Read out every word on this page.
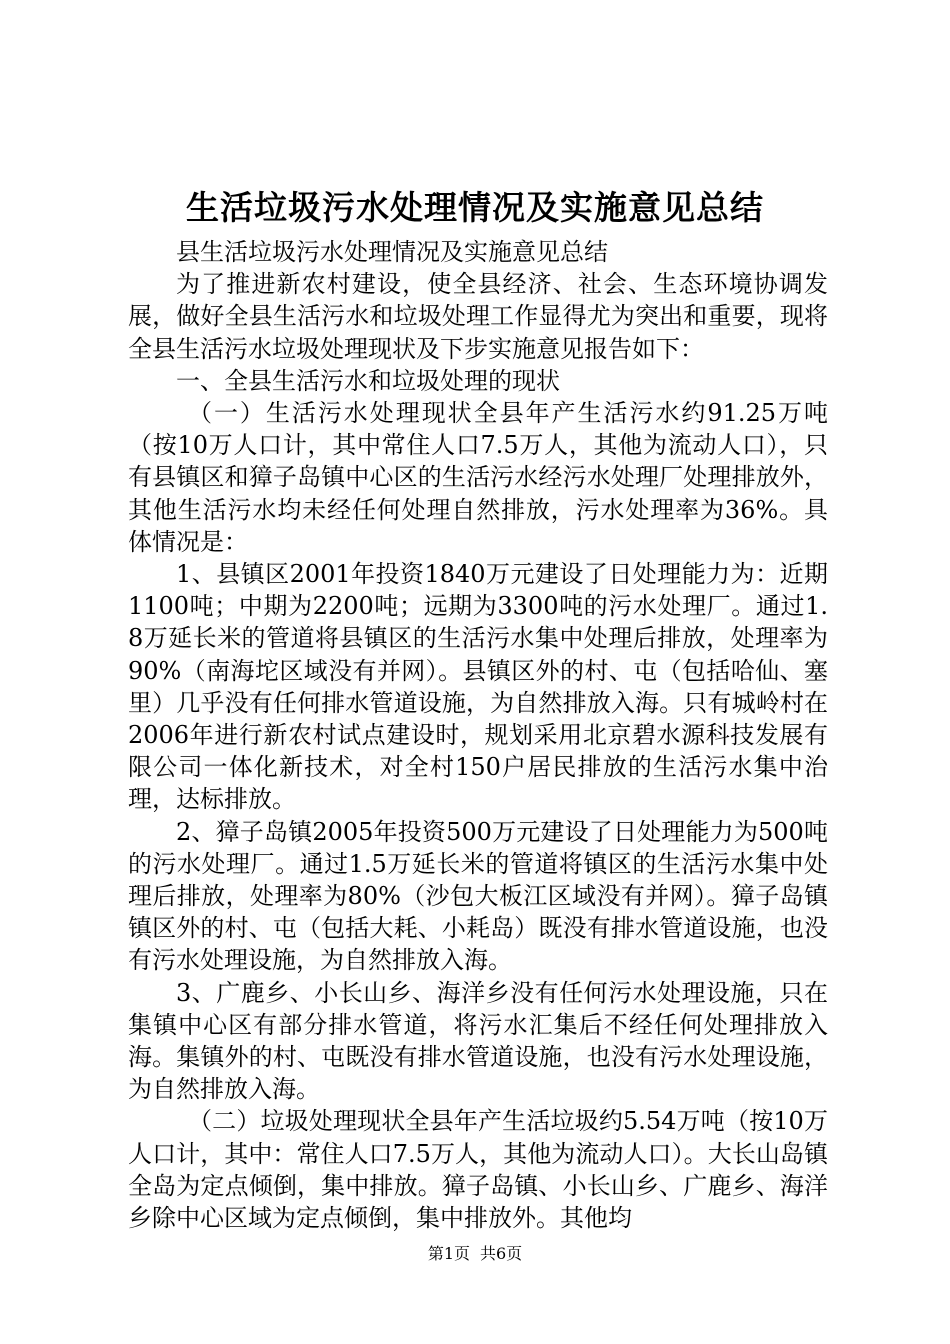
生活垃圾污水处理情况及实施意见总结

县生活垃圾污水处理情况及实施意见总结

为了推进新农村建设，使全县经济、社会、生态环境协调发展，做好全县生活污水和垃圾处理工作显得尤为突出和重要，现将全县生活污水垃圾处理现状及下步实施意见报告如下：

一、全县生活污水和垃圾处理的现状

（一）生活污水处理现状全县年产生活污水约91.25万吨（按10万人口计，其中常住人口7.5万人，其他为流动人口），只有县镇区和獐子岛镇中心区的生活污水经污水处理厂处理排放外，其他生活污水均未经任何处理自然排放，污水处理率为36%。具体情况是：

1、县镇区2001年投资1840万元建设了日处理能力为：近期1100吨；中期为2200吨；远期为3300吨的污水处理厂。通过1.8万延长米的管道将县镇区的生活污水集中处理后排放，处理率为90%（南海坨区域没有并网）。县镇区外的村、屯（包括哈仙、塞里）几乎没有任何排水管道设施，为自然排放入海。只有城岭村在2006年进行新农村试点建设时，规划采用北京碧水源科技发展有限公司一体化新技术，对全村150户居民排放的生活污水集中治理，达标排放。

2、獐子岛镇2005年投资500万元建设了日处理能力为500吨的污水处理厂。通过1.5万延长米的管道将镇区的生活污水集中处理后排放，处理率为80%（沙包大板江区域没有并网）。獐子岛镇镇区外的村、屯（包括大耗、小耗岛）既没有排水管道设施，也没有污水处理设施，为自然排放入海。

3、广鹿乡、小长山乡、海洋乡没有任何污水处理设施，只在集镇中心区有部分排水管道，将污水汇集后不经任何处理排放入海。集镇外的村、屯既没有排水管道设施，也没有污水处理设施，为自然排放入海。

（二）垃圾处理现状全县年产生活垃圾约5.54万吨（按10万人口计，其中：常住人口7.5万人，其他为流动人口）。大长山岛镇全岛为定点倾倒，集中排放。獐子岛镇、小长山乡、广鹿乡、海洋乡除中心区域为定点倾倒，集中排放外。其他均

第1页 共6页
